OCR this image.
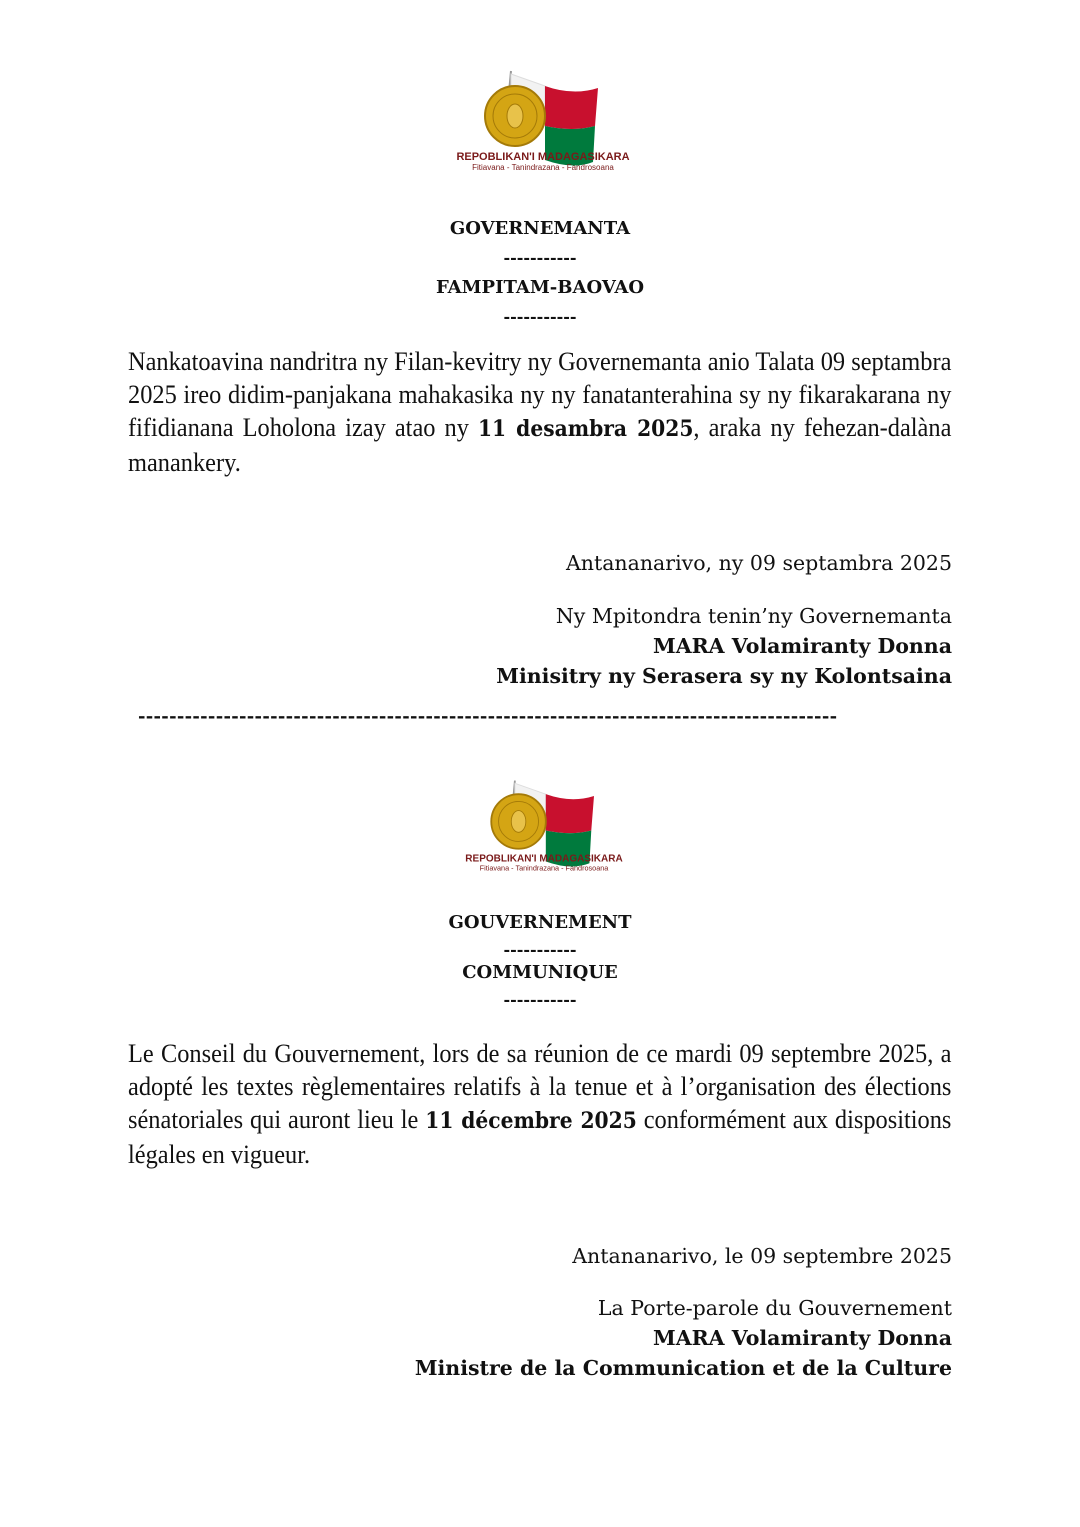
REPOBLIKAN'I MADAGASIKARA
Fitiavana - Tanindrazana - Fandrosoana
GOVERNEMANTA
-----------
FAMPITAM-BAOVAO
-----------
Nankatoavina nandritra ny Filan-kevitry ny Governemanta anio Talata 09 septambra 2025 ireo didim-panjakana mahakasika ny ny fanatanterahina sy ny fikarakarana ny fifidianana Loholona izay atao ny 11 desambra 2025, araka ny fehezan-dalàna manankery.
Antananarivo, ny 09 septambra 2025
Ny Mpitondra tenin’ny Governemanta
MARA Volamiranty Donna
Minisitry ny Serasera sy ny Kolontsaina
------------------------------------------------------------------------------------------
REPOBLIKAN'I MADAGASIKARA
Fitiavana - Tanindrazana - Fandrosoana
GOUVERNEMENT
-----------
COMMUNIQUE
-----------
Le Conseil du Gouvernement, lors de sa réunion de ce mardi 09 septembre 2025, a adopté les textes règlementaires relatifs à la tenue et à l’organisation des élections sénatoriales qui auront lieu le 11 décembre 2025 conformément aux dispositions légales en vigueur.
Antananarivo, le 09 septembre 2025
La Porte-parole du Gouvernement
MARA Volamiranty Donna
Ministre de la Communication et de la Culture
